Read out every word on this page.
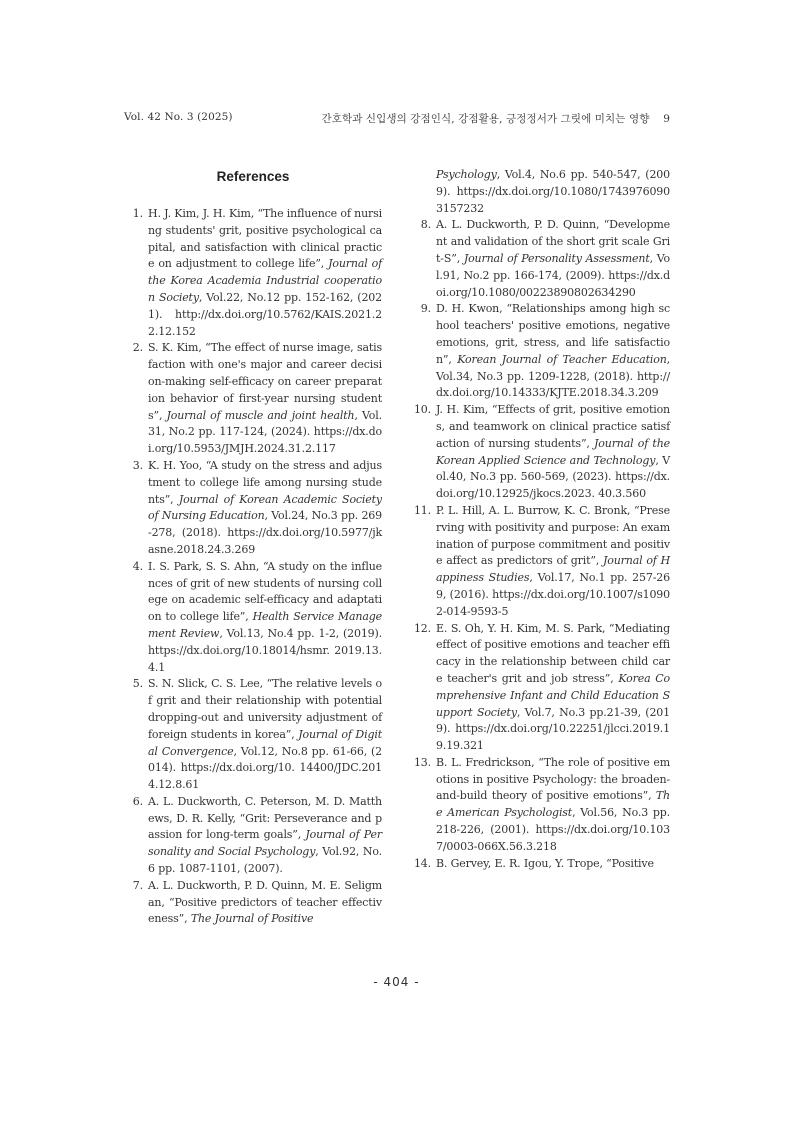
Vol. 42 No. 3 (2025)	간호학과 신입생의 강점인식, 강점활용, 긍정정서가 그릿에 미치는 영향 9
References
1. H. J. Kim, J. H. Kim, “The influence of nursing students' grit, positive psychological capital, and satisfaction with clinical practice on adjustment to college life”, Journal of the Korea Academia Industrial cooperation Society, Vol.22, No.12 pp. 152-162, (2021). http://dx.doi.org/10.5762/KAIS.2021.22.12.152
2. S. K. Kim, “The effect of nurse image, satisfaction with one's major and career decision-making self-efficacy on career preparation behavior of first-year nursing students”, Journal of muscle and joint health, Vol.31, No.2 pp. 117-124, (2024). https://dx.doi.org/10.5953/JMJH.2024.31.2.117
3. K. H. Yoo, “A study on the stress and adjustment to college life among nursing students”, Journal of Korean Academic Society of Nursing Education, Vol.24, No.3 pp. 269-278, (2018). https://dx.doi.org/10.5977/jkasne.2018.24.3.269
4. I. S. Park, S. S. Ahn, “A study on the influences of grit of new students of nursing college on academic self-efficacy and adaptation to college life”, Health Service Management Review, Vol.13, No.4 pp. 1-2, (2019). https://dx.doi.org/10.18014/hsmr. 2019.13.4.1
5. S. N. Slick, C. S. Lee, “The relative levels of grit and their relationship with potential dropping-out and university adjustment of foreign students in korea”, Journal of Digital Convergence, Vol.12, No.8 pp. 61-66, (2014). https://dx.doi.org/10. 14400/JDC.2014.12.8.61
6. A. L. Duckworth, C. Peterson, M. D. Matthews, D. R. Kelly, “Grit: Perseverance and passion for long-term goals”, Journal of Personality and Social Psychology, Vol.92, No.6 pp. 1087-1101, (2007).
7. A. L. Duckworth, P. D. Quinn, M. E. Seligman, “Positive predictors of teacher effectiveness”, The Journal of Positive
Psychology, Vol.4, No.6 pp. 540-547, (2009). https://dx.doi.org/10.1080/17439760903157232
8. A. L. Duckworth, P. D. Quinn, “Development and validation of the short grit scale Grit-S”, Journal of Personality Assessment, Vol.91, No.2 pp. 166-174, (2009). https://dx.doi.org/10.1080/00223890802634290
9. D. H. Kwon, “Relationships among high school teachers' positive emotions, negative emotions, grit, stress, and life satisfaction”, Korean Journal of Teacher Education, Vol.34, No.3 pp. 1209-1228, (2018). http://dx.doi.org/10.14333/KJTE.2018.34.3.209
10. J. H. Kim, “Effects of grit, positive emotions, and teamwork on clinical practice satisfaction of nursing students”, Journal of the Korean Applied Science and Technology, Vol.40, No.3 pp. 560-569, (2023). https://dx.doi.org/10.12925/jkocs.2023. 40.3.560
11. P. L. Hill, A. L. Burrow, K. C. Bronk, “Preserving with positivity and purpose: An examination of purpose commitment and positive affect as predictors of grit”, Journal of Happiness Studies, Vol.17, No.1 pp. 257-269, (2016). https://dx.doi.org/10.1007/s10902-014-9593-5
12. E. S. Oh, Y. H. Kim, M. S. Park, “Mediating effect of positive emotions and teacher efficacy in the relationship between child care teacher's grit and job stress”, Korea Comprehensive Infant and Child Education Support Society, Vol.7, No.3 pp.21-39, (2019). https://dx.doi.org/10.22251/jlcci.2019.19.19.321
13. B. L. Fredrickson, “The role of positive emotions in positive Psychology: the broaden-and-build theory of positive emotions”, The American Psychologist, Vol.56, No.3 pp. 218-226, (2001). https://dx.doi.org/10.1037/0003-066X.56.3.218
14. B. Gervey, E. R. Igou, Y. Trope, “Positive
- 404 -
